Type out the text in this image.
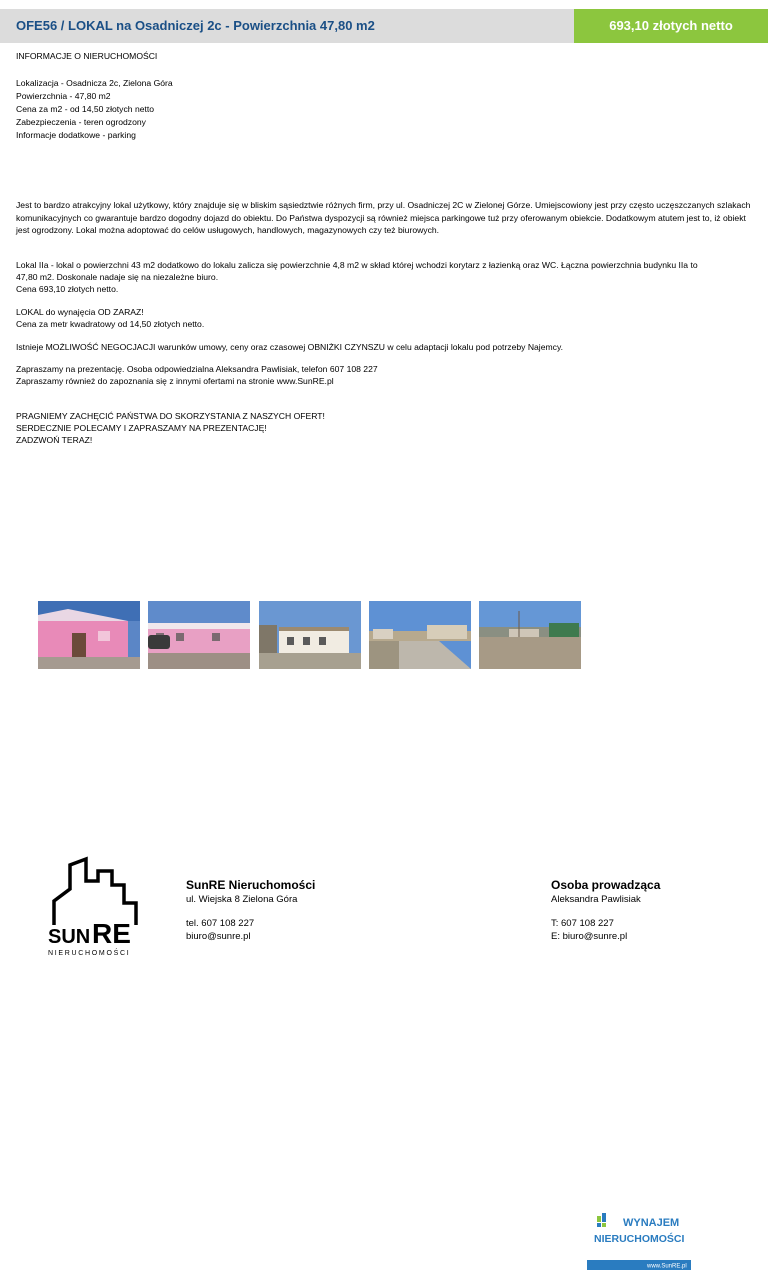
OFE56 / LOKAL na Osadniczej 2c - Powierzchnia 47,80 m2	693,10 złotych netto
INFORMACJE O NIERUCHOMOŚCI
Lokalizacja - Osadnicza 2c, Zielona Góra
Powierzchnia - 47,80 m2
Cena za m2 - od 14,50 złotych netto
Zabezpieczenia - teren ogrodzony
Informacje dodatkowe - parking
Jest to bardzo atrakcyjny lokal użytkowy, który znajduje się w bliskim sąsiedztwie różnych firm, przy ul. Osadniczej 2C w Zielonej Górze. Umiejscowiony jest przy często uczęszczanych szlakach komunikacyjnych co gwarantuje bardzo dogodny dojazd do obiektu. Do Państwa dyspozycji są również miejsca parkingowe tuż przy oferowanym obiekcie. Dodatkowym atutem jest to, iż obiekt jest ogrodzony. Lokal można adoptować do celów usługowych, handlowych, magazynowych czy też biurowych.
Lokal IIa - lokal o powierzchni 43 m2 dodatkowo do lokalu zalicza się powierzchnie 4,8 m2 w skład której wchodzi korytarz z łazienką oraz WC. Łączna powierzchnia budynku IIa to
47,80 m2. Doskonale nadaje się na niezależne biuro.
Cena 693,10 złotych netto.
LOKAL do wynajęcia OD ZARAZ!
Cena za metr kwadratowy od 14,50 złotych netto.
Istnieje MOŻLIWOŚĆ NEGOCJACJI warunków umowy, ceny oraz czasowej OBNIŻKI CZYNSZU w celu adaptacji lokalu pod potrzeby Najemcy.
Zapraszamy na prezentację. Osoba odpowiedzialna Aleksandra Pawlisiak, telefon 607 108 227
Zapraszamy również do zapoznania się z innymi ofertami na stronie www.SunRE.pl
PRAGNIEMY ZACHĘCIĆ PAŃSTWA DO SKORZYSTANIA Z NASZYCH OFERT!
SERDECZNIE POLECAMY I ZAPRASZAMY NA PREZENTACJĘ!
ZADZWOŃ TERAZ!
WYNAJEM
NIERUCHOMOŚCI
www.SunRE.pl
SUN RE
NIERUCHOMOŚCI
SunRE Nieruchomości
ul. Wiejska 8 Zielona Góra
tel. 607 108 227
biuro@sunre.pl
Osoba prowadząca
Aleksandra Pawlisiak
T: 607 108 227
E: biuro@sunre.pl
